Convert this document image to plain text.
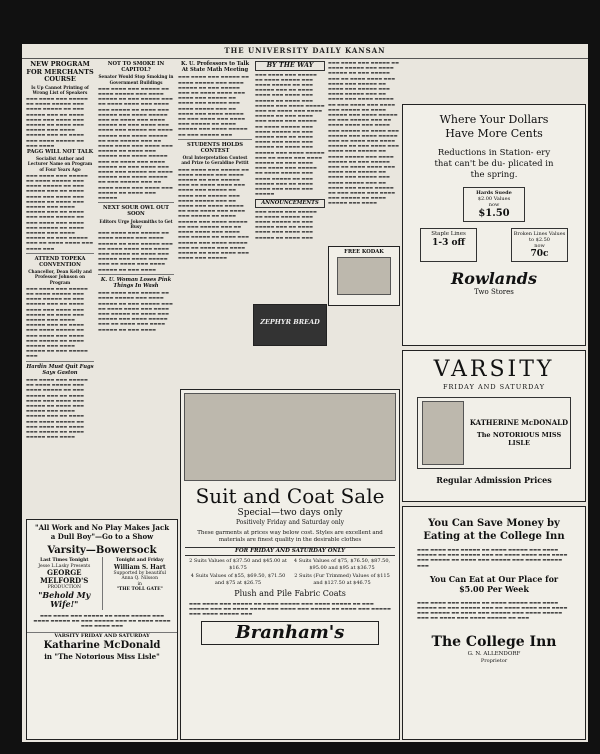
THE UNIVERSITY DAILY KANSAN
NEW PROGRAM FOR MERCHANTS COURSE
Is Up Cannot Printing of Wrong List of Speakers
▬▬▬ ▬▬▬▬ ▬▬▬ ▬▬▬▬▬ ▬▬ ▬▬▬▬ ▬▬▬▬▬ ▬▬▬ ▬▬▬▬ ▬▬▬▬▬ ▬▬ ▬▬▬ ▬▬▬▬▬ ▬▬▬ ▬▬ ▬▬▬▬ ▬▬▬▬ ▬▬▬ ▬▬▬▬ ▬▬▬ ▬▬▬▬▬ ▬▬ ▬▬▬▬ ▬▬▬ ▬▬▬▬▬ ▬▬▬ ▬▬▬▬ ▬▬▬▬▬ ▬▬▬ ▬▬ ▬▬▬▬ ▬▬▬ ▬▬▬▬ ▬▬▬▬▬ ▬▬ ▬▬▬ ▬▬▬▬
PAGG WILL NOT TALK
Socialist Author and Lecturer Name on Program of Four Years Ago
▬▬▬ ▬▬▬▬ ▬▬▬ ▬▬▬▬▬ ▬▬ ▬▬▬▬ ▬▬▬▬▬ ▬▬▬ ▬▬▬▬ ▬▬▬▬▬ ▬▬ ▬▬▬ ▬▬▬▬▬ ▬▬▬ ▬▬ ▬▬▬▬ ▬▬▬▬ ▬▬▬ ▬▬▬▬ ▬▬▬ ▬▬▬▬▬ ▬▬ ▬▬▬▬ ▬▬▬ ▬▬▬▬▬ ▬▬▬ ▬▬▬▬ ▬▬▬▬▬ ▬▬▬ ▬▬ ▬▬▬▬ ▬▬▬ ▬▬▬▬ ▬▬▬▬▬ ▬▬ ▬▬▬ ▬▬▬▬ ▬▬▬ ▬▬▬▬ ▬▬▬ ▬▬▬▬▬ ▬▬ ▬▬▬▬ ▬▬▬▬▬ ▬▬▬ ▬▬▬▬ ▬▬▬▬▬ ▬▬ ▬▬▬ ▬▬▬▬▬ ▬▬▬ ▬▬ ▬▬▬▬ ▬▬▬▬ ▬▬▬ ▬▬▬▬ ▬▬▬
ATTEND TOPEKA CONVENTION
Chancellor, Dean Kelly and Professor Johnson on Program
▬▬▬ ▬▬▬▬ ▬▬▬ ▬▬▬▬▬ ▬▬ ▬▬▬▬ ▬▬▬▬▬ ▬▬▬ ▬▬▬▬ ▬▬▬▬▬ ▬▬ ▬▬▬ ▬▬▬▬▬ ▬▬▬ ▬▬ ▬▬▬▬ ▬▬▬▬ ▬▬▬ ▬▬▬▬ ▬▬▬ ▬▬▬▬▬ ▬▬ ▬▬▬▬ ▬▬▬ ▬▬▬▬▬ ▬▬▬ ▬▬▬▬ ▬▬▬▬▬ ▬▬▬ ▬▬ ▬▬▬▬ ▬▬▬ ▬▬▬▬ ▬▬▬▬▬ ▬▬ ▬▬▬ ▬▬▬▬ ▬▬▬ ▬▬▬▬ ▬▬▬ ▬▬▬▬▬ ▬▬ ▬▬▬▬ ▬▬▬▬▬ ▬▬▬ ▬▬▬▬ ▬▬▬▬▬ ▬▬ ▬▬▬ ▬▬▬▬▬ ▬▬▬
Hardin Must Quit Fugs Says Gaston
▬▬▬ ▬▬▬▬ ▬▬▬ ▬▬▬▬▬ ▬▬ ▬▬▬▬ ▬▬▬▬▬ ▬▬▬ ▬▬▬▬ ▬▬▬▬▬ ▬▬ ▬▬▬ ▬▬▬▬▬ ▬▬▬ ▬▬ ▬▬▬▬ ▬▬▬▬ ▬▬▬ ▬▬▬▬ ▬▬▬ ▬▬▬▬▬ ▬▬ ▬▬▬▬ ▬▬▬ ▬▬▬▬▬ ▬▬▬ ▬▬▬▬ ▬▬▬▬▬ ▬▬▬ ▬▬ ▬▬▬▬ ▬▬▬ ▬▬▬▬ ▬▬▬▬▬ ▬▬ ▬▬▬ ▬▬▬▬ ▬▬▬ ▬▬▬▬ ▬▬▬ ▬▬▬▬▬ ▬▬ ▬▬▬▬ ▬▬▬▬▬ ▬▬▬ ▬▬▬▬
NOT TO SMOKE IN CAPITOL?
Senator Would Stop Smoking in Government Buildings
▬▬▬ ▬▬▬▬ ▬▬▬ ▬▬▬▬▬ ▬▬ ▬▬▬▬ ▬▬▬▬▬ ▬▬▬ ▬▬▬▬ ▬▬▬▬▬ ▬▬ ▬▬▬ ▬▬▬▬▬ ▬▬▬ ▬▬ ▬▬▬▬ ▬▬▬▬ ▬▬▬ ▬▬▬▬ ▬▬▬ ▬▬▬▬▬ ▬▬ ▬▬▬▬ ▬▬▬ ▬▬▬▬▬ ▬▬▬ ▬▬▬▬ ▬▬▬▬▬ ▬▬▬ ▬▬ ▬▬▬▬ ▬▬▬ ▬▬▬▬ ▬▬▬▬▬ ▬▬ ▬▬▬ ▬▬▬▬ ▬▬▬ ▬▬▬▬ ▬▬▬ ▬▬▬▬▬ ▬▬ ▬▬▬▬ ▬▬▬▬▬ ▬▬▬ ▬▬▬▬ ▬▬▬▬▬ ▬▬ ▬▬▬ ▬▬▬▬▬ ▬▬▬ ▬▬ ▬▬▬▬ ▬▬▬▬ ▬▬▬ ▬▬▬▬ ▬▬▬ ▬▬▬▬▬ ▬▬ ▬▬▬▬ ▬▬▬ ▬▬▬▬▬ ▬▬▬ ▬▬▬▬ ▬▬▬▬▬ ▬▬▬ ▬▬ ▬▬▬▬ ▬▬▬ ▬▬▬▬ ▬▬▬▬▬ ▬▬ ▬▬▬ ▬▬▬▬ ▬▬▬ ▬▬▬▬ ▬▬▬ ▬▬▬▬▬ ▬▬ ▬▬▬▬ ▬▬▬▬▬ ▬▬▬ ▬▬▬▬ ▬▬▬▬▬ ▬▬ ▬▬▬ ▬▬▬▬▬ ▬▬▬ ▬▬ ▬▬▬▬ ▬▬▬▬ ▬▬▬ ▬▬▬▬ ▬▬▬ ▬▬▬▬▬ ▬▬ ▬▬▬▬ ▬▬▬ ▬▬▬▬▬
NEXT SOUR OWL OUT SOON
Editors Urge Jokesmiths to Get Busy
▬▬▬ ▬▬▬▬ ▬▬▬ ▬▬▬▬▬ ▬▬ ▬▬▬▬ ▬▬▬▬▬ ▬▬▬ ▬▬▬▬ ▬▬▬▬▬ ▬▬ ▬▬▬ ▬▬▬▬▬ ▬▬▬ ▬▬ ▬▬▬▬ ▬▬▬▬ ▬▬▬ ▬▬▬▬ ▬▬▬ ▬▬▬▬▬ ▬▬ ▬▬▬▬ ▬▬▬ ▬▬▬▬▬ ▬▬▬ ▬▬▬▬ ▬▬▬▬▬ ▬▬▬ ▬▬ ▬▬▬▬ ▬▬▬ ▬▬▬▬ ▬▬▬▬▬ ▬▬ ▬▬▬ ▬▬▬▬
K. U. Woman Loses Pink Things In Wash
▬▬▬ ▬▬▬▬ ▬▬▬ ▬▬▬▬▬ ▬▬ ▬▬▬▬ ▬▬▬▬▬ ▬▬▬ ▬▬▬▬ ▬▬▬▬▬ ▬▬ ▬▬▬ ▬▬▬▬▬ ▬▬▬ ▬▬ ▬▬▬▬ ▬▬▬▬ ▬▬▬ ▬▬▬▬ ▬▬▬ ▬▬▬▬▬ ▬▬ ▬▬▬▬ ▬▬▬ ▬▬▬▬▬ ▬▬▬ ▬▬▬▬ ▬▬▬▬▬ ▬▬▬ ▬▬ ▬▬▬▬ ▬▬▬ ▬▬▬▬ ▬▬▬▬▬ ▬▬ ▬▬▬ ▬▬▬▬
K. U. Professors to Talk At State Math Meeting
▬▬▬ ▬▬▬▬ ▬▬▬ ▬▬▬▬▬ ▬▬ ▬▬▬▬ ▬▬▬▬▬ ▬▬▬ ▬▬▬▬ ▬▬▬▬▬ ▬▬ ▬▬▬ ▬▬▬▬▬ ▬▬▬ ▬▬ ▬▬▬▬ ▬▬▬▬ ▬▬▬ ▬▬▬▬ ▬▬▬ ▬▬▬▬▬ ▬▬ ▬▬▬▬ ▬▬▬ ▬▬▬▬▬ ▬▬▬ ▬▬▬▬ ▬▬▬▬▬ ▬▬▬ ▬▬ ▬▬▬▬ ▬▬▬ ▬▬▬▬ ▬▬▬▬▬ ▬▬ ▬▬▬ ▬▬▬▬ ▬▬▬ ▬▬▬▬ ▬▬▬ ▬▬▬▬▬ ▬▬ ▬▬▬▬ ▬▬▬▬▬ ▬▬▬ ▬▬▬▬ ▬▬▬▬▬ ▬▬ ▬▬▬ ▬▬▬▬▬ ▬▬▬
STUDENTS HOLDS CONTEST
Oral Interpretation Contest and Prize to Geraldine Pettit
▬▬▬ ▬▬▬▬ ▬▬▬ ▬▬▬▬▬ ▬▬ ▬▬▬▬ ▬▬▬▬▬ ▬▬▬ ▬▬▬▬ ▬▬▬▬▬ ▬▬ ▬▬▬ ▬▬▬▬▬ ▬▬▬ ▬▬ ▬▬▬▬ ▬▬▬▬ ▬▬▬ ▬▬▬▬ ▬▬▬ ▬▬▬▬▬ ▬▬ ▬▬▬▬ ▬▬▬ ▬▬▬▬▬ ▬▬▬ ▬▬▬▬ ▬▬▬▬▬ ▬▬▬ ▬▬ ▬▬▬▬ ▬▬▬ ▬▬▬▬ ▬▬▬▬▬ ▬▬ ▬▬▬ ▬▬▬▬ ▬▬▬ ▬▬▬▬ ▬▬▬ ▬▬▬▬▬ ▬▬ ▬▬▬▬ ▬▬▬▬▬ ▬▬▬ ▬▬▬▬ ▬▬▬▬▬ ▬▬ ▬▬▬ ▬▬▬▬▬ ▬▬▬ ▬▬ ▬▬▬▬ ▬▬▬▬ ▬▬▬ ▬▬▬▬ ▬▬▬ ▬▬▬▬▬ ▬▬ ▬▬▬▬ ▬▬▬ ▬▬▬▬▬ ▬▬▬ ▬▬▬▬ ▬▬▬▬▬ ▬▬▬ ▬▬ ▬▬▬▬ ▬▬▬ ▬▬▬▬ ▬▬▬▬▬ ▬▬ ▬▬▬ ▬▬▬▬ ▬▬▬ ▬▬▬▬ ▬▬▬ ▬▬▬▬▬
BY THE WAY
▬▬▬ ▬▬▬▬ ▬▬▬ ▬▬▬▬▬ ▬▬ ▬▬▬▬ ▬▬▬▬▬ ▬▬▬ ▬▬▬▬ ▬▬▬▬▬ ▬▬ ▬▬▬ ▬▬▬▬▬ ▬▬▬ ▬▬ ▬▬▬▬ ▬▬▬▬ ▬▬▬ ▬▬▬▬ ▬▬▬ ▬▬▬▬▬ ▬▬ ▬▬▬▬ ▬▬▬ ▬▬▬▬▬ ▬▬▬ ▬▬▬▬ ▬▬▬▬▬ ▬▬▬ ▬▬ ▬▬▬▬ ▬▬▬ ▬▬▬▬ ▬▬▬▬▬ ▬▬ ▬▬▬ ▬▬▬▬ ▬▬▬ ▬▬▬▬ ▬▬▬ ▬▬▬▬▬ ▬▬ ▬▬▬▬ ▬▬▬▬▬ ▬▬▬ ▬▬▬▬ ▬▬▬▬▬ ▬▬ ▬▬▬ ▬▬▬▬▬ ▬▬▬ ▬▬ ▬▬▬▬ ▬▬▬▬ ▬▬▬ ▬▬▬▬ ▬▬▬ ▬▬▬▬▬ ▬▬ ▬▬▬▬ ▬▬▬ ▬▬▬▬▬ ▬▬▬ ▬▬▬▬ ▬▬▬▬▬ ▬▬▬ ▬▬ ▬▬▬▬ ▬▬▬ ▬▬▬▬ ▬▬▬▬▬ ▬▬ ▬▬▬ ▬▬▬▬ ▬▬▬ ▬▬▬▬ ▬▬▬ ▬▬▬▬▬ ▬▬ ▬▬▬▬ ▬▬▬▬▬ ▬▬▬ ▬▬▬▬ ▬▬▬▬▬ ▬▬ ▬▬▬ ▬▬▬▬▬ ▬▬▬ ▬▬ ▬▬▬▬ ▬▬▬▬ ▬▬▬ ▬▬▬▬ ▬▬▬ ▬▬▬▬▬
ANNOUNCEMENTS
▬▬▬ ▬▬▬▬ ▬▬▬ ▬▬▬▬▬ ▬▬ ▬▬▬▬ ▬▬▬▬▬ ▬▬▬ ▬▬▬▬ ▬▬▬▬▬ ▬▬ ▬▬▬ ▬▬▬▬▬ ▬▬▬ ▬▬ ▬▬▬▬ ▬▬▬▬ ▬▬▬ ▬▬▬▬ ▬▬▬ ▬▬▬▬▬ ▬▬ ▬▬▬▬ ▬▬▬
▬▬▬ ▬▬▬▬ ▬▬▬ ▬▬▬▬▬ ▬▬ ▬▬▬▬ ▬▬▬▬▬ ▬▬▬ ▬▬▬▬ ▬▬▬▬▬ ▬▬ ▬▬▬ ▬▬▬▬▬ ▬▬▬ ▬▬ ▬▬▬▬ ▬▬▬▬ ▬▬▬ ▬▬▬▬ ▬▬▬ ▬▬▬▬▬ ▬▬ ▬▬▬▬ ▬▬▬ ▬▬▬▬▬ ▬▬▬ ▬▬▬▬ ▬▬▬▬▬ ▬▬▬ ▬▬ ▬▬▬▬ ▬▬▬ ▬▬▬▬ ▬▬▬▬▬ ▬▬ ▬▬▬ ▬▬▬▬ ▬▬▬ ▬▬▬▬ ▬▬▬ ▬▬▬▬▬ ▬▬ ▬▬▬▬ ▬▬▬▬▬ ▬▬▬ ▬▬▬▬ ▬▬▬▬▬ ▬▬ ▬▬▬ ▬▬▬▬▬ ▬▬▬ ▬▬ ▬▬▬▬ ▬▬▬▬ ▬▬▬ ▬▬▬▬ ▬▬▬ ▬▬▬▬▬ ▬▬ ▬▬▬▬ ▬▬▬ ▬▬▬▬▬ ▬▬▬ ▬▬▬▬ ▬▬▬▬▬ ▬▬▬ ▬▬ ▬▬▬▬ ▬▬▬ ▬▬▬▬ ▬▬▬▬▬ ▬▬ ▬▬▬ ▬▬▬▬ ▬▬▬ ▬▬▬▬ ▬▬▬ ▬▬▬▬▬ ▬▬ ▬▬▬▬ ▬▬▬▬▬ ▬▬▬ ▬▬▬▬ ▬▬▬▬▬ ▬▬ ▬▬▬ ▬▬▬▬▬ ▬▬▬ ▬▬ ▬▬▬▬ ▬▬▬▬ ▬▬▬ ▬▬▬▬ ▬▬▬ ▬▬▬▬▬ ▬▬ ▬▬▬▬ ▬▬▬ ▬▬▬▬▬ ▬▬▬ ▬▬▬▬ ▬▬▬▬▬ ▬▬▬ ▬▬ ▬▬▬▬ ▬▬▬ ▬▬▬▬ ▬▬▬▬▬ ▬▬ ▬▬▬ ▬▬▬▬ ▬▬▬ ▬▬▬▬ ▬▬▬ ▬▬▬▬▬ ▬▬ ▬▬▬▬ ▬▬▬▬▬ ▬▬▬ ▬▬▬▬
FREE KODAK
ZEPHYR BREAD
Where Your Dollars
Have More Cents
Reductions in Station- ery that can't be du- plicated in the spring.
Hards Suede
$2.00 Values
now
$1.50
Staple Lines
1-3 off
Broken Lines Values to $2.50
now
70c
Rowlands
Two Stores
VARSITY
FRIDAY AND SATURDAY
KATHERINE McDONALD
The NOTORIOUS MISS LISLE
Regular Admission Prices
You Can Save Money by Eating at the College Inn
▬▬▬ ▬▬▬▬ ▬▬▬ ▬▬▬▬▬ ▬▬ ▬▬▬▬ ▬▬▬▬▬ ▬▬▬ ▬▬▬▬ ▬▬▬▬▬ ▬▬ ▬▬▬ ▬▬▬▬▬ ▬▬▬ ▬▬ ▬▬▬▬ ▬▬▬▬ ▬▬▬ ▬▬▬▬ ▬▬▬ ▬▬▬▬▬ ▬▬ ▬▬▬▬ ▬▬▬ ▬▬▬▬▬ ▬▬▬ ▬▬▬▬ ▬▬▬▬▬ ▬▬▬
You Can Eat at Our Place for $5.00 Per Week
▬▬▬ ▬▬▬▬ ▬▬▬ ▬▬▬▬▬ ▬▬ ▬▬▬▬ ▬▬▬▬▬ ▬▬▬ ▬▬▬▬ ▬▬▬▬▬ ▬▬ ▬▬▬ ▬▬▬▬▬ ▬▬▬ ▬▬ ▬▬▬▬ ▬▬▬▬ ▬▬▬ ▬▬▬▬ ▬▬▬ ▬▬▬▬▬ ▬▬ ▬▬▬▬ ▬▬▬ ▬▬▬▬▬ ▬▬▬ ▬▬▬▬ ▬▬▬▬▬ ▬▬▬ ▬▬ ▬▬▬▬ ▬▬▬ ▬▬▬▬ ▬▬▬▬▬ ▬▬ ▬▬▬
The College Inn
G. N. ALLENDORF
Proprietor
"All Work and No Play Makes Jack a Dull Boy"—Go to a Show
Varsity—Bowersock
Last Times Tonight
Jesse L.Lasky Presents
GEORGE MELFORD'S
PRODUCTION
"Behold My Wife!"
Tonight and Friday
William S. Hart
Supported by beautiful
Anna Q. Nilsson
in
"THE TOLL GATE"
▬▬▬ ▬▬▬▬ ▬▬▬ ▬▬▬▬▬ ▬▬ ▬▬▬▬ ▬▬▬▬▬ ▬▬▬ ▬▬▬▬ ▬▬▬▬▬ ▬▬ ▬▬▬ ▬▬▬▬▬ ▬▬▬ ▬▬ ▬▬▬▬ ▬▬▬▬ ▬▬▬ ▬▬▬▬ ▬▬▬
VARSITY FRIDAY AND SATURDAY
Katharine McDonald
in "The Notorious Miss Lisle"
Suit and Coat Sale
Special—two days only
Positively Friday and Saturday only
These garments at prices way below cost. Styles are excellent and materials are finest quality in the desirable clothes
FOR FRIDAY AND SATURDAY ONLY
2 Suits Values of $37.50 and $45.00 at $16.75
4 Suits Values of $75, $76.50, $87.50, $95.00 and $95 at $36.75
4 Suits Values of $55, $69.50, $71.50 and $75 at $26.75
2 Suits (Fur Trimmed) Values of $115 and $127.50 at $46.75
Plush and Pile Fabric Coats
▬▬▬ ▬▬▬▬ ▬▬▬ ▬▬▬▬▬ ▬▬ ▬▬▬▬ ▬▬▬▬▬ ▬▬▬ ▬▬▬▬ ▬▬▬▬▬ ▬▬ ▬▬▬ ▬▬▬▬▬ ▬▬▬ ▬▬ ▬▬▬▬ ▬▬▬▬ ▬▬▬ ▬▬▬▬ ▬▬▬ ▬▬▬▬▬ ▬▬ ▬▬▬▬ ▬▬▬ ▬▬▬▬▬ ▬▬▬ ▬▬▬▬ ▬▬▬▬▬ ▬▬▬
Branham's
